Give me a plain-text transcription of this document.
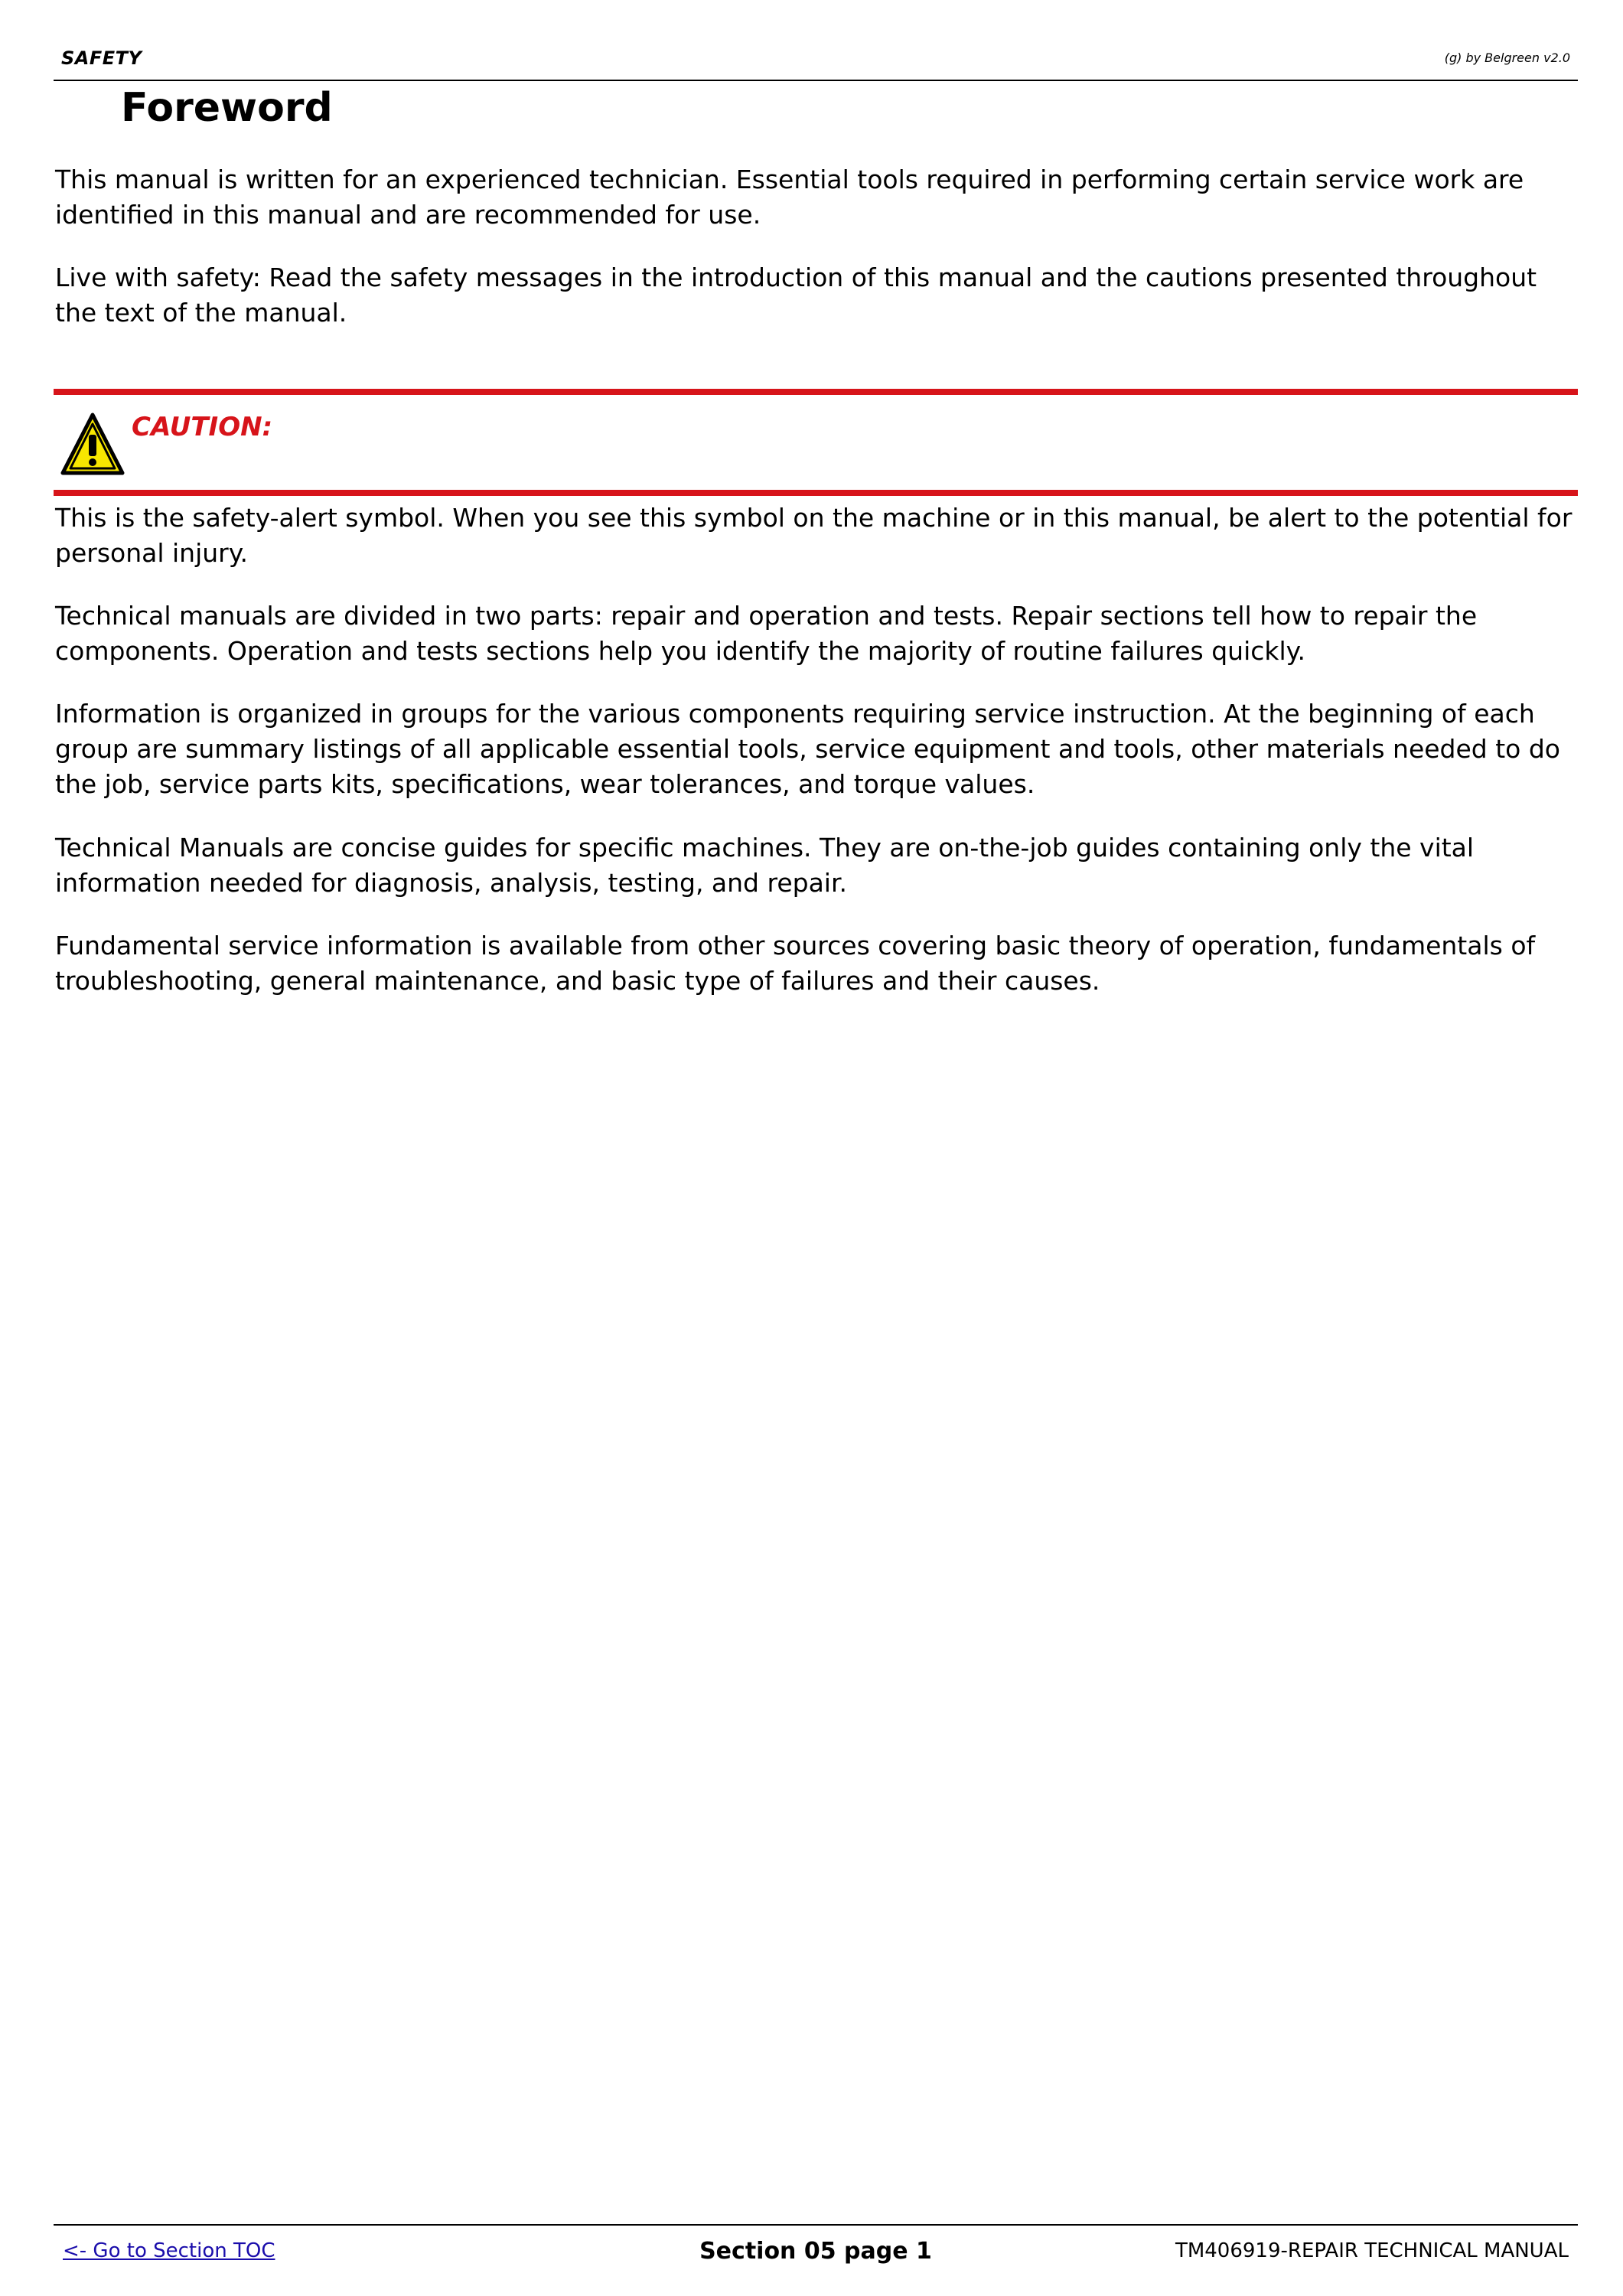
SAFETY	(g) by Belgreen v2.0
Foreword

This manual is written for an experienced technician. Essential tools required in performing certain service work are identified in this manual and are recommended for use.

Live with safety: Read the safety messages in the introduction of this manual and the cautions presented throughout the text of the manual.

CAUTION:

This is the safety-alert symbol. When you see this symbol on the machine or in this manual, be alert to the potential for personal injury.

Technical manuals are divided in two parts: repair and operation and tests. Repair sections tell how to repair the components. Operation and tests sections help you identify the majority of routine failures quickly.

Information is organized in groups for the various components requiring service instruction. At the beginning of each group are summary listings of all applicable essential tools, service equipment and tools, other materials needed to do the job, service parts kits, specifications, wear tolerances, and torque values.

Technical Manuals are concise guides for specific machines. They are on-the-job guides containing only the vital information needed for diagnosis, analysis, testing, and repair.

Fundamental service information is available from other sources covering basic theory of operation, fundamentals of troubleshooting, general maintenance, and basic type of failures and their causes.

<- Go to Section TOC	Section 05 page 1	TM406919-REPAIR TECHNICAL MANUAL
